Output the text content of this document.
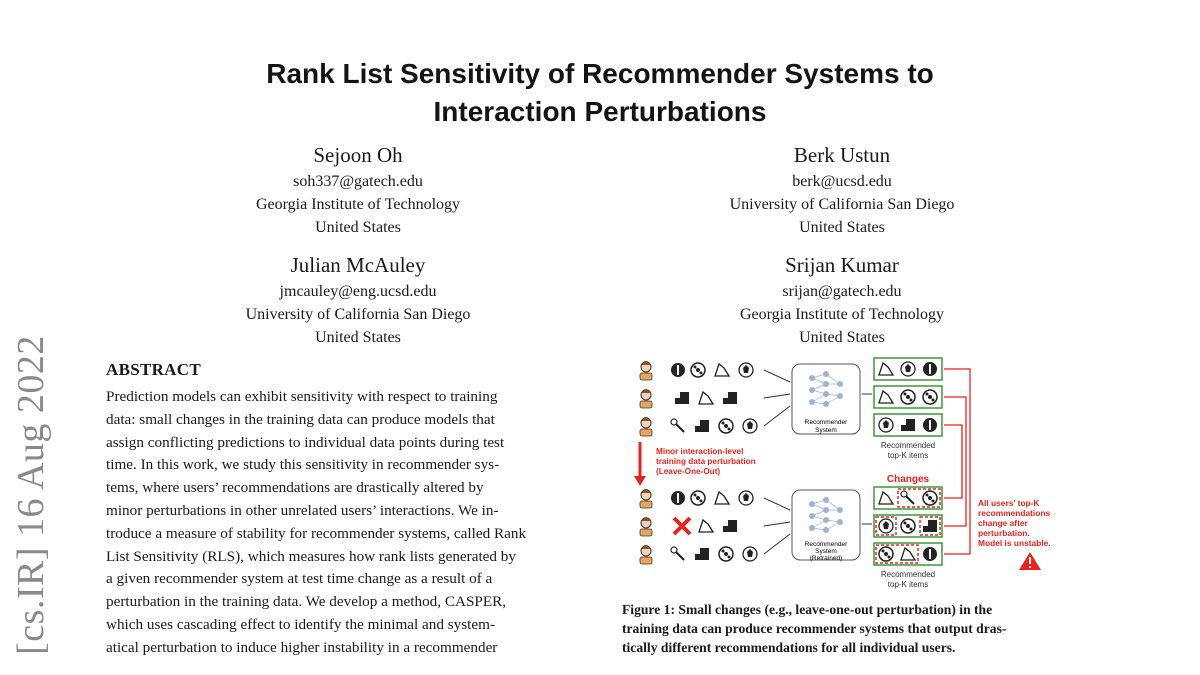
[cs.IR] 16 Aug 2022
Rank List Sensitivity of Recommender Systems to
Interaction Perturbations
Sejoon Oh
soh337@gatech.edu
Georgia Institute of Technology
United States
Berk Ustun
berk@ucsd.edu
University of California San Diego
United States
Julian McAuley
jmcauley@eng.ucsd.edu
University of California San Diego
United States
Srijan Kumar
srijan@gatech.edu
Georgia Institute of Technology
United States
ABSTRACT
Prediction models can exhibit sensitivity with respect to training
data: small changes in the training data can produce models that
assign conflicting predictions to individual data points during test
time. In this work, we study this sensitivity in recommender sys-
tems, where users’ recommendations are drastically altered by
minor perturbations in other unrelated users’ interactions. We in-
troduce a measure of stability for recommender systems, called Rank
List Sensitivity (RLS), which measures how rank lists generated by
a given recommender system at test time change as a result of a
perturbation in the training data. We develop a method, CASPER,
which uses cascading effect to identify the minimal and system-
atical perturbation to induce higher instability in a recommender
Recommender
System
Recommended
top-K items
Minor interaction-level
training data perturbation
(Leave-One-Out)
Recommender
System
(Retrained)
Changes
Recommended
top-K items
All users’ top-K
recommendations
change after
perturbation.
Model is unstable.
Figure 1: Small changes (e.g., leave-one-out perturbation) in the
training data can produce recommender systems that output dras-
tically different recommendations for all individual users.
